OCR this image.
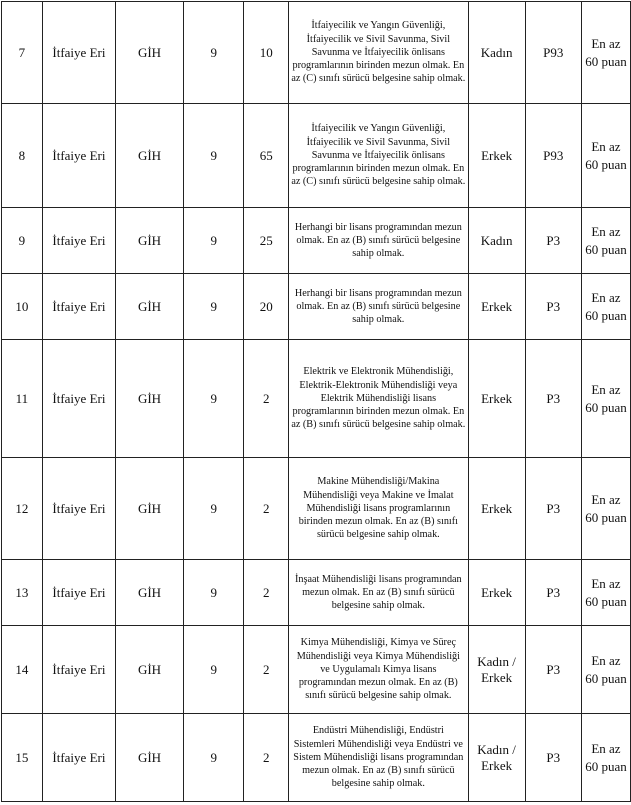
7	İtfaiye Eri	GİH	9	10	İtfaiyecilik ve Yangın Güvenliği, İtfaiyecilik ve Sivil Savunma, Sivil Savunma ve İtfaiyecilik önlisans programlarının birinden mezun olmak. En az (C) sınıfı sürücü belgesine sahip olmak.	Kadın	P93	En az 60 puan

8	İtfaiye Eri	GİH	9	65	İtfaiyecilik ve Yangın Güvenliği, İtfaiyecilik ve Sivil Savunma, Sivil Savunma ve İtfaiyecilik önlisans programlarının birinden mezun olmak. En az (C) sınıfı sürücü belgesine sahip olmak.	Erkek	P93	En az 60 puan

9	İtfaiye Eri	GİH	9	25	Herhangi bir lisans programından mezun olmak. En az (B) sınıfı sürücü belgesine sahip olmak.	Kadın	P3	En az 60 puan

10	İtfaiye Eri	GİH	9	20	Herhangi bir lisans programından mezun olmak. En az (B) sınıfı sürücü belgesine sahip olmak.	Erkek	P3	En az 60 puan

11	İtfaiye Eri	GİH	9	2	Elektrik ve Elektronik Mühendisliği, Elektrik-Elektronik Mühendisliği veya Elektrik Mühendisliği lisans programlarının birinden mezun olmak. En az (B) sınıfı sürücü belgesine sahip olmak.	Erkek	P3	En az 60 puan

12	İtfaiye Eri	GİH	9	2	Makine Mühendisliği/Makina Mühendisliği veya Makine ve İmalat Mühendisliği lisans programlarının birinden mezun olmak. En az (B) sınıfı sürücü belgesine sahip olmak.	Erkek	P3	En az 60 puan

13	İtfaiye Eri	GİH	9	2	İnşaat Mühendisliği lisans programından mezun olmak. En az (B) sınıfı sürücü belgesine sahip olmak.	Erkek	P3	En az 60 puan

14	İtfaiye Eri	GİH	9	2	Kimya Mühendisliği, Kimya ve Süreç Mühendisliği veya Kimya Mühendisliği ve Uygulamalı Kimya lisans programından mezun olmak. En az (B) sınıfı sürücü belgesine sahip olmak.	Kadın / Erkek	P3	En az 60 puan

15	İtfaiye Eri	GİH	9	2	Endüstri Mühendisliği, Endüstri Sistemleri Mühendisliği veya Endüstri ve Sistem Mühendisliği lisans programından mezun olmak. En az (B) sınıfı sürücü belgesine sahip olmak.	Kadın / Erkek	P3	En az 60 puan
